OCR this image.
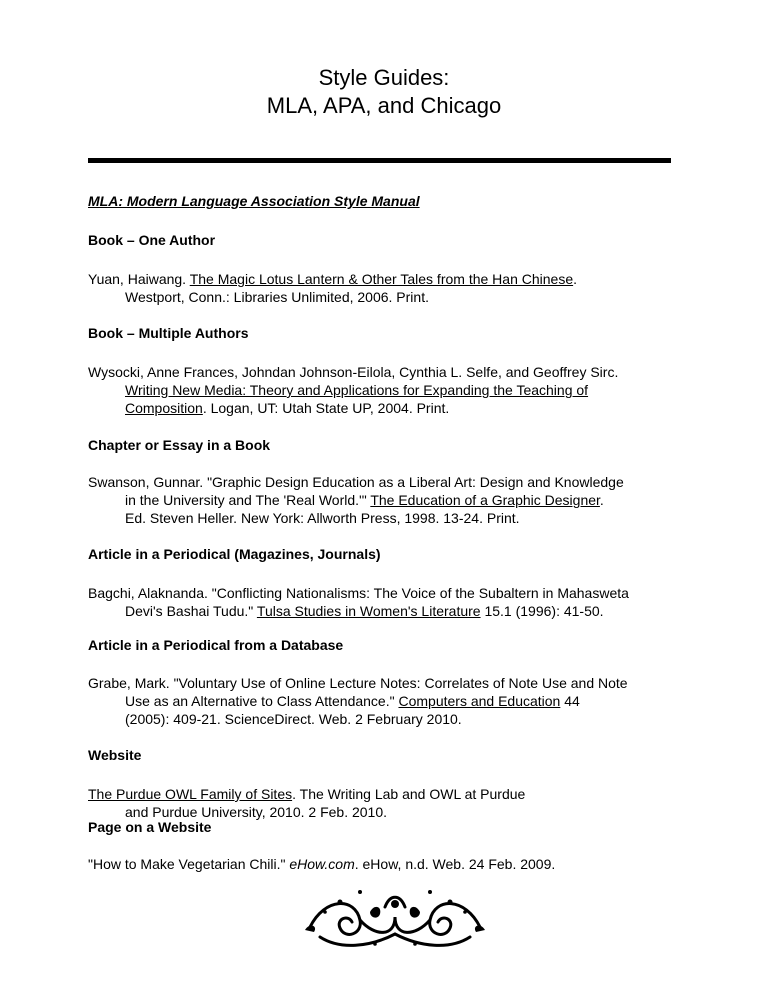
Style Guides:
MLA, APA, and Chicago
MLA: Modern Language Association Style Manual
Book – One Author
Yuan, Haiwang. The Magic Lotus Lantern & Other Tales from the Han Chinese.
Westport, Conn.: Libraries Unlimited, 2006. Print.
Book – Multiple Authors
Wysocki, Anne Frances, Johndan Johnson-Eilola, Cynthia L. Selfe, and Geoffrey Sirc.
Writing New Media: Theory and Applications for Expanding the Teaching of
Composition. Logan, UT: Utah State UP, 2004. Print.
Chapter or Essay in a Book
Swanson, Gunnar. "Graphic Design Education as a Liberal Art: Design and Knowledge
in the University and The 'Real World.'" The Education of a Graphic Designer.
Ed. Steven Heller. New York: Allworth Press, 1998. 13-24. Print.
Article in a Periodical (Magazines, Journals)
Bagchi, Alaknanda. "Conflicting Nationalisms: The Voice of the Subaltern in Mahasweta
Devi's Bashai Tudu." Tulsa Studies in Women's Literature 15.1 (1996): 41-50.
Article in a Periodical from a Database
Grabe, Mark. "Voluntary Use of Online Lecture Notes: Correlates of Note Use and Note
Use as an Alternative to Class Attendance." Computers and Education 44
(2005): 409-21. ScienceDirect. Web. 2 February 2010.
Website
The Purdue OWL Family of Sites. The Writing Lab and OWL at Purdue
and Purdue University, 2010. 2 Feb. 2010.
Page on a Website
"How to Make Vegetarian Chili." eHow.com. eHow, n.d. Web. 24 Feb. 2009.
